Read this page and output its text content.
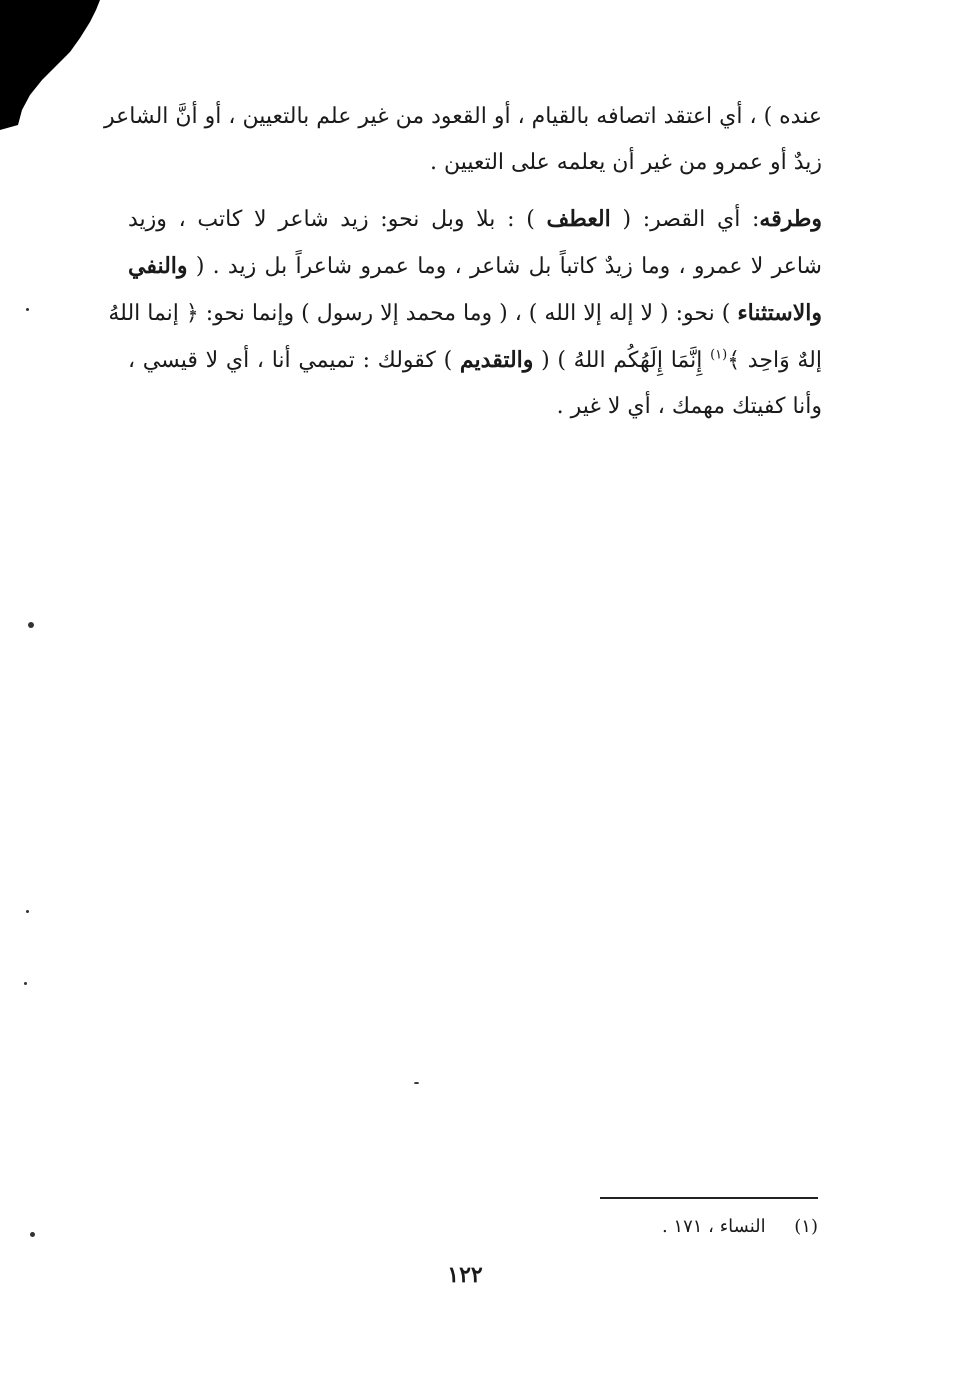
عنده ) ، أي اعتقد اتصافه بالقيام ، أو القعود من غير علم بالتعيين ، أو أنَّ الشاعر
زيدٌ أو عمرو من غير أن يعلمه على التعيين .
وطرقه: أي القصر: ( العطف ) : بلا وبل نحو: زيد شاعر لا كاتب ، وزيد
شاعر لا عمرو ، وما زيدٌ كاتباً بل شاعر ، وما عمرو شاعراً بل زيد . ( والنفي
والاستثناء ) نحو: ( لا إله إلا الله ) ، ( وما محمد إلا رسول ) وإنما نحو: ﴿ إنما اللهُ
إلهٌ وَاحِد ﴾$^{(١)}$ إِنَّمَا إِلَهُكُم اللهُ ) ( والتقديم ) كقولك : تميمي أنا ، أي لا قيسي ،
وأنا كفيتك مهمك ، أي لا غير .
(١)     النساء ، ١٧١ .
١٢٢
